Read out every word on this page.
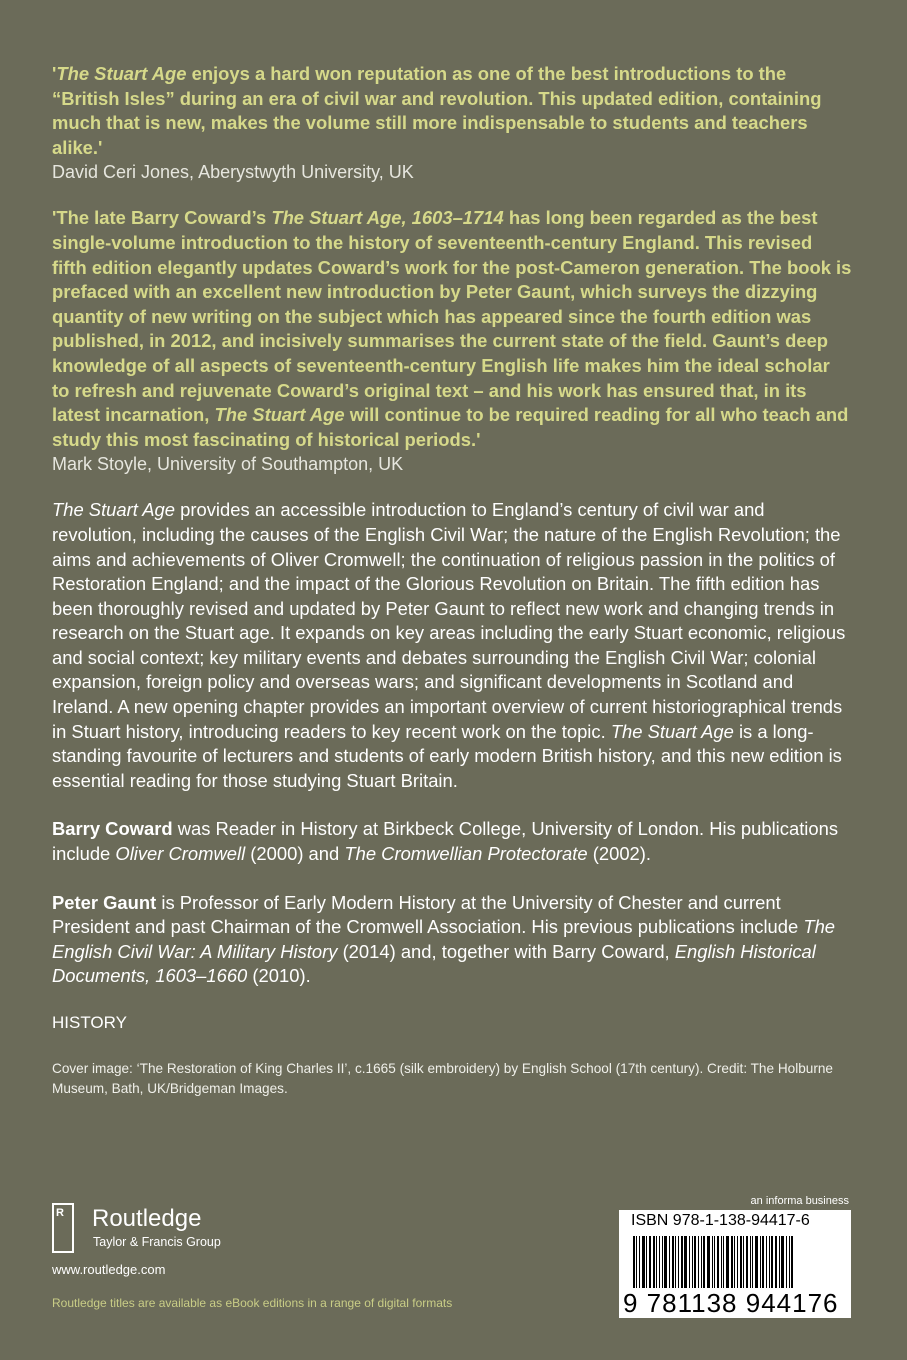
'The Stuart Age enjoys a hard won reputation as one of the best introductions to the “British Isles” during an era of civil war and revolution. This updated edition, containing much that is new, makes the volume still more indispensable to students and teachers alike.'

David Ceri Jones, Aberystwyth University, UK

'The late Barry Coward’s The Stuart Age, 1603–1714 has long been regarded as the best single-volume introduction to the history of seventeenth-century England. This revised fifth edition elegantly updates Coward’s work for the post-Cameron generation. The book is prefaced with an excellent new introduction by Peter Gaunt, which surveys the dizzying quantity of new writing on the subject which has appeared since the fourth edition was published, in 2012, and incisively summarises the current state of the field. Gaunt’s deep knowledge of all aspects of seventeenth-century English life makes him the ideal scholar to refresh and rejuvenate Coward’s original text – and his work has ensured that, in its latest incarnation, The Stuart Age will continue to be required reading for all who teach and study this most fascinating of historical periods.'

Mark Stoyle, University of Southampton, UK

The Stuart Age provides an accessible introduction to England’s century of civil war and revolution, including the causes of the English Civil War; the nature of the English Revolution; the aims and achievements of Oliver Cromwell; the continuation of religious passion in the politics of Restoration England; and the impact of the Glorious Revolution on Britain. The fifth edition has been thoroughly revised and updated by Peter Gaunt to reflect new work and changing trends in research on the Stuart age. It expands on key areas including the early Stuart economic, religious and social context; key military events and debates surrounding the English Civil War; colonial expansion, foreign policy and overseas wars; and significant developments in Scotland and Ireland. A new opening chapter provides an important overview of current historiographical trends in Stuart history, introducing readers to key recent work on the topic. The Stuart Age is a long-standing favourite of lecturers and students of early modern British history, and this new edition is essential reading for those studying Stuart Britain.

Barry Coward was Reader in History at Birkbeck College, University of London. His publications include Oliver Cromwell (2000) and The Cromwellian Protectorate (2002).

Peter Gaunt is Professor of Early Modern History at the University of Chester and current President and past Chairman of the Cromwell Association. His previous publications include The English Civil War: A Military History (2014) and, together with Barry Coward, English Historical Documents, 1603–1660 (2010).

HISTORY

Cover image: ‘The Restoration of King Charles II’, c.1665 (silk embroidery) by English School (17th century). Credit: The Holburne Museum, Bath, UK/Bridgeman Images.

R Routledge
Taylor & Francis Group
www.routledge.com
Routledge titles are available as eBook editions in a range of digital formats
an informa business
ISBN 978-1-138-94417-6
9 781138 944176
